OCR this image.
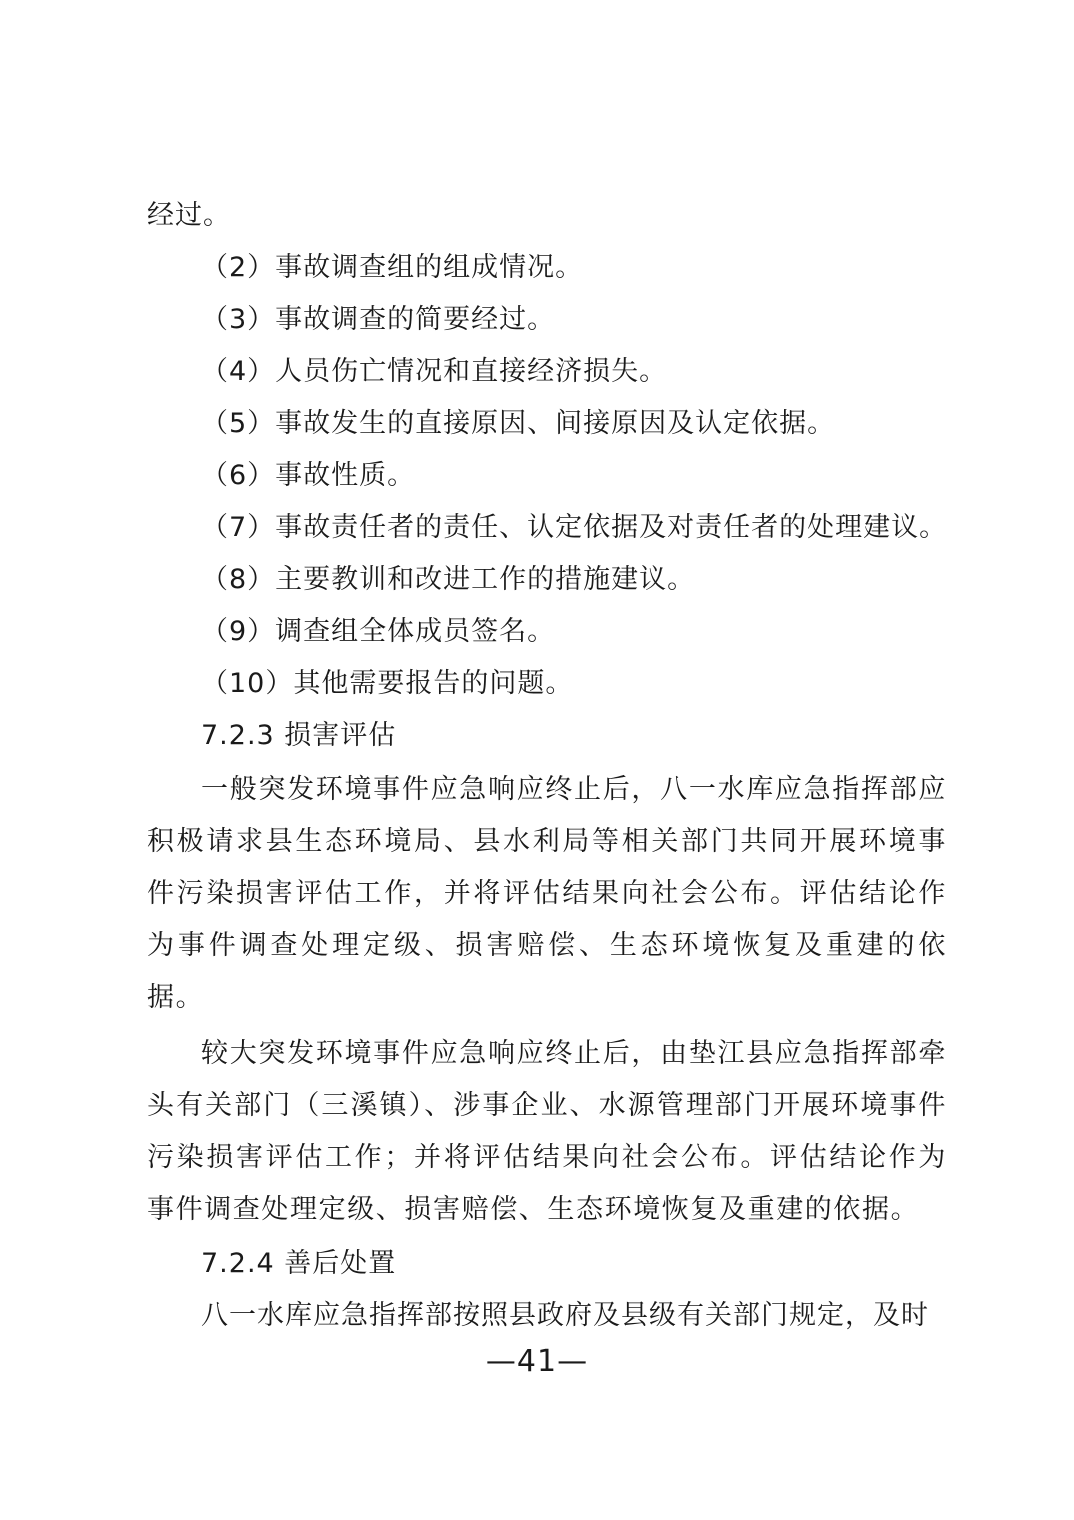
经过。
（2）事故调查组的组成情况。
（3）事故调查的简要经过。
（4）人员伤亡情况和直接经济损失。
（5）事故发生的直接原因、间接原因及认定依据。
（6）事故性质。
（7）事故责任者的责任、认定依据及对责任者的处理建议。
（8）主要教训和改进工作的措施建议。
（9）调查组全体成员签名。
（10）其他需要报告的问题。
7.2.3 损害评估

一般突发环境事件应急响应终止后，八一水库应急指挥部应积极请求县生态环境局、县水利局等相关部门共同开展环境事件污染损害评估工作，并将评估结果向社会公布。评估结论作为事件调查处理定级、损害赔偿、生态环境恢复及重建的依据。

较大突发环境事件应急响应终止后，由垫江县应急指挥部牵头有关部门（三溪镇）、涉事企业、水源管理部门开展环境事件污染损害评估工作；并将评估结果向社会公布。评估结论作为事件调查处理定级、损害赔偿、生态环境恢复及重建的依据。

7.2.4 善后处置
八一水库应急指挥部按照县政府及县级有关部门规定，及时
—41—
